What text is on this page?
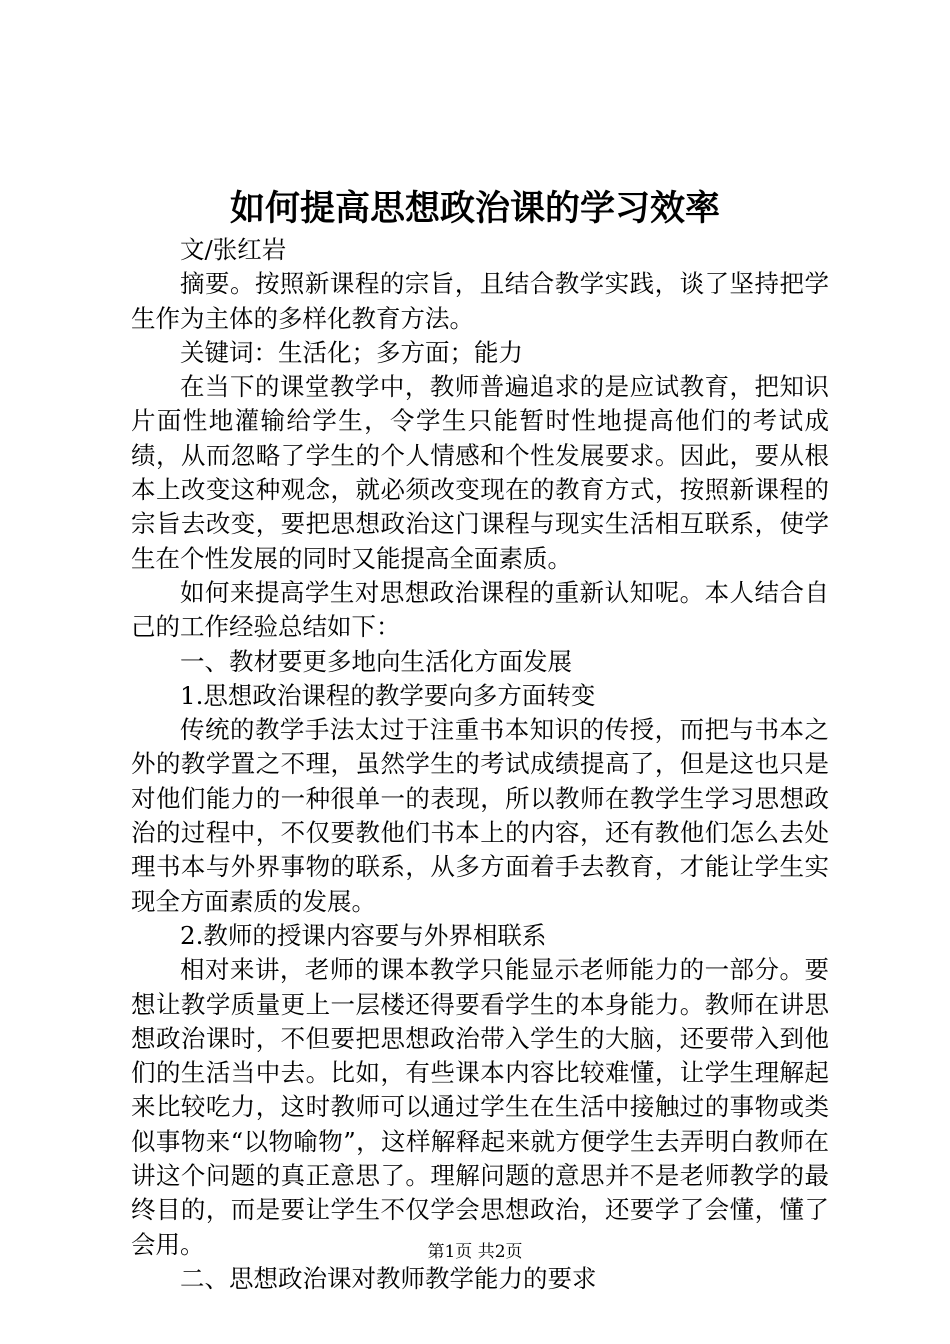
如何提高思想政治课的学习效率

文/张红岩

摘要。按照新课程的宗旨，且结合教学实践，谈了坚持把学生作为主体的多样化教育方法。

关键词：生活化；多方面；能力

在当下的课堂教学中，教师普遍追求的是应试教育，把知识片面性地灌输给学生，令学生只能暂时性地提高他们的考试成绩，从而忽略了学生的个人情感和个性发展要求。因此，要从根本上改变这种观念，就必须改变现在的教育方式，按照新课程的宗旨去改变，要把思想政治这门课程与现实生活相互联系，使学生在个性发展的同时又能提高全面素质。

如何来提高学生对思想政治课程的重新认知呢。本人结合自己的工作经验总结如下：

一、教材要更多地向生活化方面发展

1.思想政治课程的教学要向多方面转变

传统的教学手法太过于注重书本知识的传授，而把与书本之外的教学置之不理，虽然学生的考试成绩提高了，但是这也只是对他们能力的一种很单一的表现，所以教师在教学生学习思想政治的过程中，不仅要教他们书本上的内容，还有教他们怎么去处理书本与外界事物的联系，从多方面着手去教育，才能让学生实现全方面素质的发展。

2.教师的授课内容要与外界相联系

相对来讲，老师的课本教学只能显示老师能力的一部分。要想让教学质量更上一层楼还得要看学生的本身能力。教师在讲思想政治课时，不但要把思想政治带入学生的大脑，还要带入到他们的生活当中去。比如，有些课本内容比较难懂，让学生理解起来比较吃力，这时教师可以通过学生在生活中接触过的事物或类似事物来“以物喻物”，这样解释起来就方便学生去弄明白教师在讲这个问题的真正意思了。理解问题的意思并不是老师教学的最终目的，而是要让学生不仅学会思想政治，还要学了会懂，懂了会用。

二、思想政治课对教师教学能力的要求

第1页 共2页
